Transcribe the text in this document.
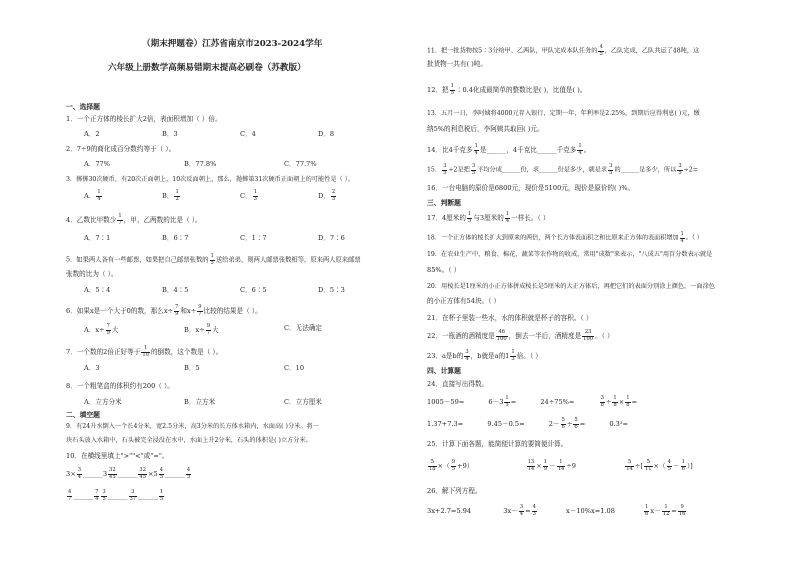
（期末押题卷）江苏省南京市2023-2024学年
六年级上册数学高频易错期末提高必刷卷（苏教版）
一、选择题
1．一个正方体的棱长扩大2倍，表面积增加（ ）倍。
A．2	B．3	C．4	D．8
2．7÷9的商化成百分数约等于（ ）。
A．77%	B．77.8%	C．77.7%
3．掷掷30次硬币，有20次正面朝上，10次反面朝上，那么，抛掷第31次硬币正面朝上的可能性是（ ）。
A． $\frac{1}{4}$	B． $\frac{1}{2}$	C． $\frac{1}{3}$	D． $\frac{2}{3}$
4．乙数比甲数少 $\frac{1}{7}$ ，甲、乙两数的比是（ ）。
A．7∶1	B．6∶7	C．1∶7	D．7∶6
5．如果两人各有一些邮票，如果把自己邮票张数的 $\frac{1}{5}$ 送给弟弟，则两人邮票张数相等，原来两人原来邮票
张数的比为（ ）。
A．5∶4	B．4∶5	C．6∶5	D．5∶3
6．如果x是一个大于0的数，那么$x\div \frac{7}{9}$ 和$x\div \frac{9}{7}$ 比较的结果是（ ）。
A．$x\div \frac{7}{9}$ 大	B．$x\div \frac{9}{7}$ 大	C．无法确定
7．一个数的2倍正好等于 $\frac{1}{10}$ 的倒数，这个数是（ ）。
A．3	B．5	C．10
8．一个粗笔盒的体积约有200（ ）。
A．立方分米	B．立方米	C．立方厘米
二、填空题
9．有24升水倒入一个长4分米，宽2.5分米，高3分米的长方体水箱内，水面高( )分米。将一
块石头放入水箱中，石头被完全浸没在水中，水面上升2分米，石头的体积是( )立方分米。
10．在横线里填上">""<"或"="。
$3\times \frac{3}{4}$ ______3 $\frac{32}{45}$ ______ $\frac{32}{45} \times 5 \frac{4}{5}$ ______ $\frac{4}{5}$
$\frac{4}{7}$ ______ $\frac{7}{4} \frac{3}{5}$ ______ $\frac{3}{37}$ ______ $\frac{1}{5}$
11．把一批货物按5∶3分给甲、乙两队，甲队完成本队任务的 $\frac{4}{5}$ ，乙队完成，乙队共运了48吨，这
批货物一共有( )吨。
12．把 $\frac{1}{5}$ ∶0.4化成最简单的整数比是( )，比值是( )。
13．五月一日，李阿姨将4000元存入银行，定期一年，年利率是2.25%，到期后应得利息( )元，缴
纳5%的利息税后，李阿姨共取回( )元。
14．比4千克多 $\frac{1}{4}$ 是______，4千克比______千克多 $\frac{1}{4}$ 。
15． $\frac{3}{5} \div 2$是把 $\frac{3}{5}$ 平均分成______份，求______份是多少，就是求 $\frac{3}{5}$ 的______是多少，所以 $\frac{3}{5} \div 2=$
16．一台电脑的原价是6800元，现价是5100元，现价是原价的( )%。
三、判断题
17．4厘米的 $\frac{1}{5}$ 与3厘米的 $\frac{1}{4}$ 一样长。（ ）
18．一个正方体的棱长扩大到原来的两倍，两个长方体表面积之和比原来正方体的表面积增加 $\frac{1}{4}$ 。（ ）
19．在农业生产中，粮食、棉花、蔬菜等农作物的收成，常用"成数"来表示，"八成五"用百分数表示就是
85%。（ ）
20．用棱长是1厘米的小正方体拼成棱长是5厘米的大正方体后，再把它们的表面分别涂上颜色，一面涂色
的小正方体有54块。（ ）
21．在杯子里装一些水，水的体积就是杯子的容积。（ ）
22．一瓶酒的酒精度是 $\frac{46}{100}$ ，倒去一半后，酒精度是 $\frac{23}{100}$ 。（ ）
23．a是b的 $\frac{3}{4}$ ，b就是a的$1 \frac{1}{3}$ 倍。（ ）
四、计算题
24．直接写出得数。
1005－59=	$6-3 \frac{1}{5}$ =	24÷75%=	$\frac{3}{8} \div \frac{1}{8} \times \frac{1}{8}$ =
1.37+7.3=	9.45－0.5=	$2- \frac{5}{6} \div \frac{5}{6}$ =	0.3²=
25．计算下面各题，能简便计算的要简便计算。
$\frac{5}{18}$ ×（ $\frac{9}{5} +9$）	$\frac{13}{14} \times \frac{1}{9} - \frac{1}{14} \div 9$	$\frac{5}{14}$ ÷[ $\frac{5}{11}$ ×（ $\frac{4}{5} - \frac{1}{6}$ ）]
26．解下列方程。
3x+2.7=5.94	$3x- \frac{3}{4} = \frac{4}{3}$	x－10%x=1.08	$\frac{1}{6} x- \frac{1}{12} = \frac{9}{16}$
